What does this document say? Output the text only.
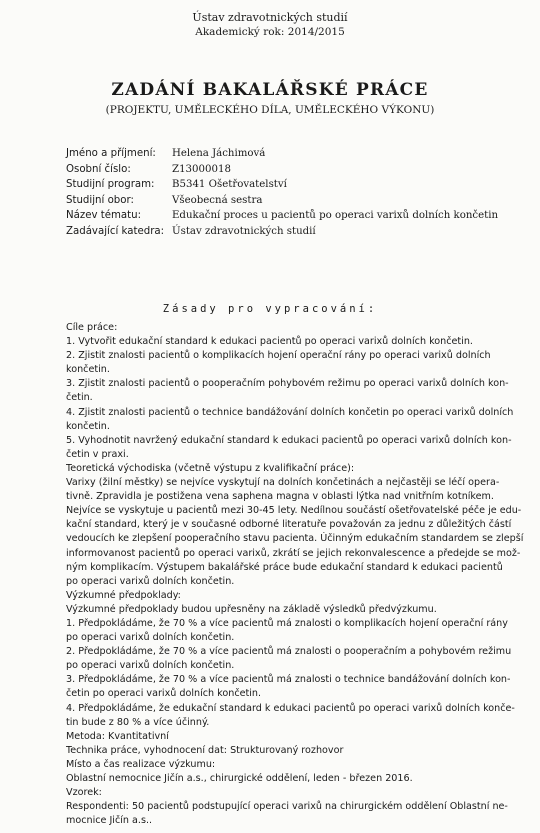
Ústav zdravotnických studií
Akademický rok: 2014/2015
ZADÁNÍ BAKALÁŘSKÉ PRÁCE
(PROJEKTU, UMĚLECKÉHO DÍLA, UMĚLECKÉHO VÝKONU)
Jméno a příjmení: Helena Jáchimová
Osobní číslo:	Z13000018
Studijní program: B5341 Ošetřovatelství
Studijní obor:	Všeobecná sestra
Název tématu:	Edukační proces u pacientů po operaci varixů dolních končetin
Zadávající katedra: Ústav zdravotnických studií
Zásady pro vypracování:
Cíle práce:
1. Vytvořit edukační standard k edukaci pacientů po operaci varixů dolních končetin.
2. Zjistit znalosti pacientů o komplikacích hojení operační rány po operaci varixů dolních
končetin.
3. Zjistit znalosti pacientů o pooperačním pohybovém režimu po operaci varixů dolních kon-
četin.
4. Zjistit znalosti pacientů o technice bandážování dolních končetin po operaci varixů dolních
končetin.
5. Vyhodnotit navržený edukační standard k edukaci pacientů po operaci varixů dolních kon-
četin v praxi.
Teoretická východiska (včetně výstupu z kvalifikační práce):
Varixy (žilní městky) se nejvíce vyskytují na dolních končetinách a nejčastěji se léčí opera-
tivně. Zpravidla je postižena vena saphena magna v oblasti lýtka nad vnitřním kotníkem.
Nejvíce se vyskytuje u pacientů mezi 30-45 lety. Nedílnou součástí ošetřovatelské péče je edu-
kační standard, který je v současné odborné literatuře považován za jednu z důležitých částí
vedoucích ke zlepšení pooperačního stavu pacienta. Účinným edukačním standardem se zlepší
informovanost pacientů po operaci varixů, zkrátí se jejich rekonvalescence a předejde se mož-
ným komplikacím. Výstupem bakalářské práce bude edukační standard k edukaci pacientů
po operaci varixů dolních končetin.
Výzkumné předpoklady:
Výzkumné předpoklady budou upřesněny na základě výsledků předvýzkumu.
1. Předpokládáme, že 70 % a více pacientů má znalosti o komplikacích hojení operační rány
po operaci varixů dolních končetin.
2. Předpokládáme, že 70 % a více pacientů má znalosti o pooperačním a pohybovém režimu
po operaci varixů dolních končetin.
3. Předpokládáme, že 70 % a více pacientů má znalosti o technice bandážování dolních kon-
četin po operaci varixů dolních končetin.
4. Předpokládáme, že edukační standard k edukaci pacientů po operaci varixů dolních konče-
tin bude z 80 % a více účinný.
Metoda: Kvantitativní
Technika práce, vyhodnocení dat: Strukturovaný rozhovor
Místo a čas realizace výzkumu:
Oblastní nemocnice Jičín a.s., chirurgické oddělení, leden - březen 2016.
Vzorek:
Respondenti: 50 pacientů podstupující operaci varixů na chirurgickém oddělení Oblastní ne-
mocnice Jičín a.s..
